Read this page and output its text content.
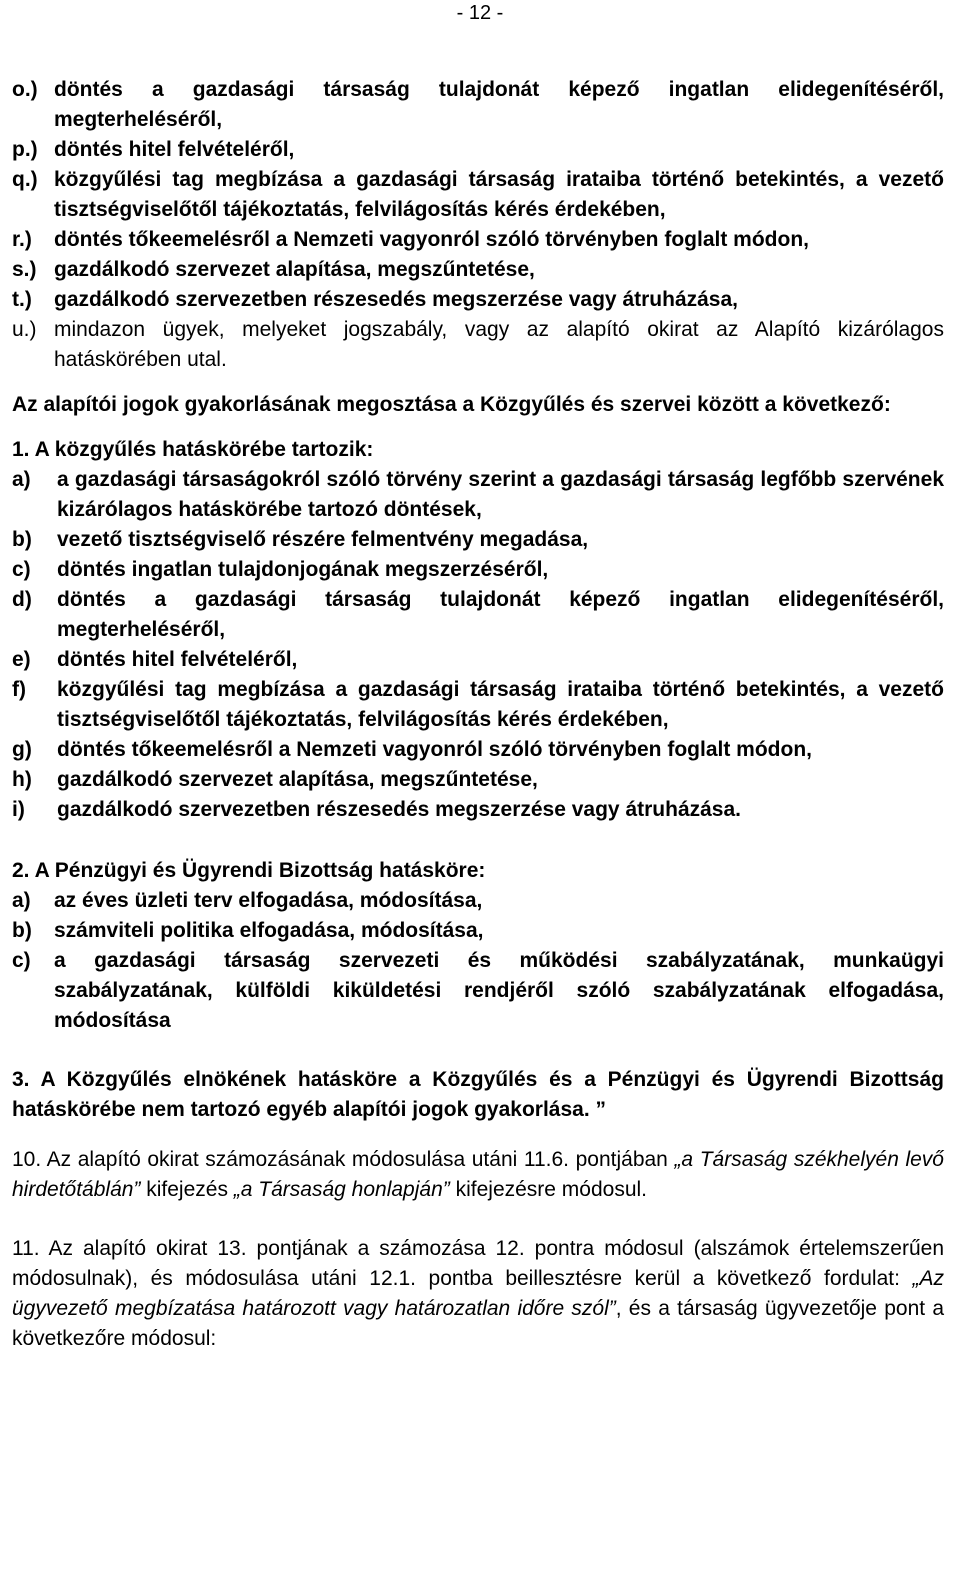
- 12 -
o.) döntés a gazdasági társaság tulajdonát képező ingatlan elidegenítéséről, megterheléséről,
p.) döntés hitel felvételéről,
q.) közgyűlési tag megbízása a gazdasági társaság irataiba történő betekintés, a vezető tisztségviselőtől tájékoztatás, felvilágosítás kérés érdekében,
r.)	döntés tőkeemelésről a Nemzeti vagyonról szóló törvényben foglalt módon,
s.) gazdálkodó szervezet alapítása, megszűntetése,
t.)	gazdálkodó szervezetben részesedés megszerzése vagy átruházása,
u.) mindazon ügyek, melyeket jogszabály, vagy az alapító okirat az Alapító kizárólagos hatáskörében utal.
Az alapítói jogok gyakorlásának megosztása a Közgyűlés és szervei között a következő:
1. A közgyűlés hatáskörébe tartozik:
a)	a gazdasági társaságokról szóló törvény szerint a gazdasági társaság legfőbb szervének kizárólagos hatáskörébe tartozó döntések,
b)	vezető tisztségviselő részére felmentvény megadása,
c)	döntés ingatlan tulajdonjogának megszerzéséről,
d)	döntés a gazdasági társaság tulajdonát képező ingatlan elidegenítéséről, megterheléséről,
e)	döntés hitel felvételéről,
f)	közgyűlési tag megbízása a gazdasági társaság irataiba történő betekintés, a vezető tisztségviselőtől tájékoztatás, felvilágosítás kérés érdekében,
g)	döntés tőkeemelésről a Nemzeti vagyonról szóló törvényben foglalt módon,
h)	gazdálkodó szervezet alapítása, megszűntetése,
i)	gazdálkodó szervezetben részesedés megszerzése vagy átruházása.
2. A Pénzügyi és Ügyrendi Bizottság hatásköre:
a)	az éves üzleti terv elfogadása, módosítása,
b)	számviteli politika elfogadása, módosítása,
c)	a gazdasági társaság szervezeti és működési szabályzatának, munkaügyi szabályzatának, külföldi kiküldetési rendjéről szóló szabályzatának elfogadása, módosítása
3. A Közgyűlés elnökének hatásköre a Közgyűlés és a Pénzügyi és Ügyrendi Bizottság hatáskörébe nem tartozó egyéb alapítói jogok gyakorlása. ”

10. Az alapító okirat számozásának módosulása utáni 11.6. pontjában „a Társaság székhelyén levő hirdetőtáblán” kifejezés „a Társaság honlapján” kifejezésre módosul.

11. Az alapító okirat 13. pontjának a számozása 12. pontra módosul (alszámok értelemszerűen módosulnak), és módosulása utáni 12.1. pontba beillesztésre kerül a következő fordulat: „Az ügyvezető megbízatása határozott vagy határozatlan időre szól”, és a társaság ügyvezetője pont a következőre módosul:
